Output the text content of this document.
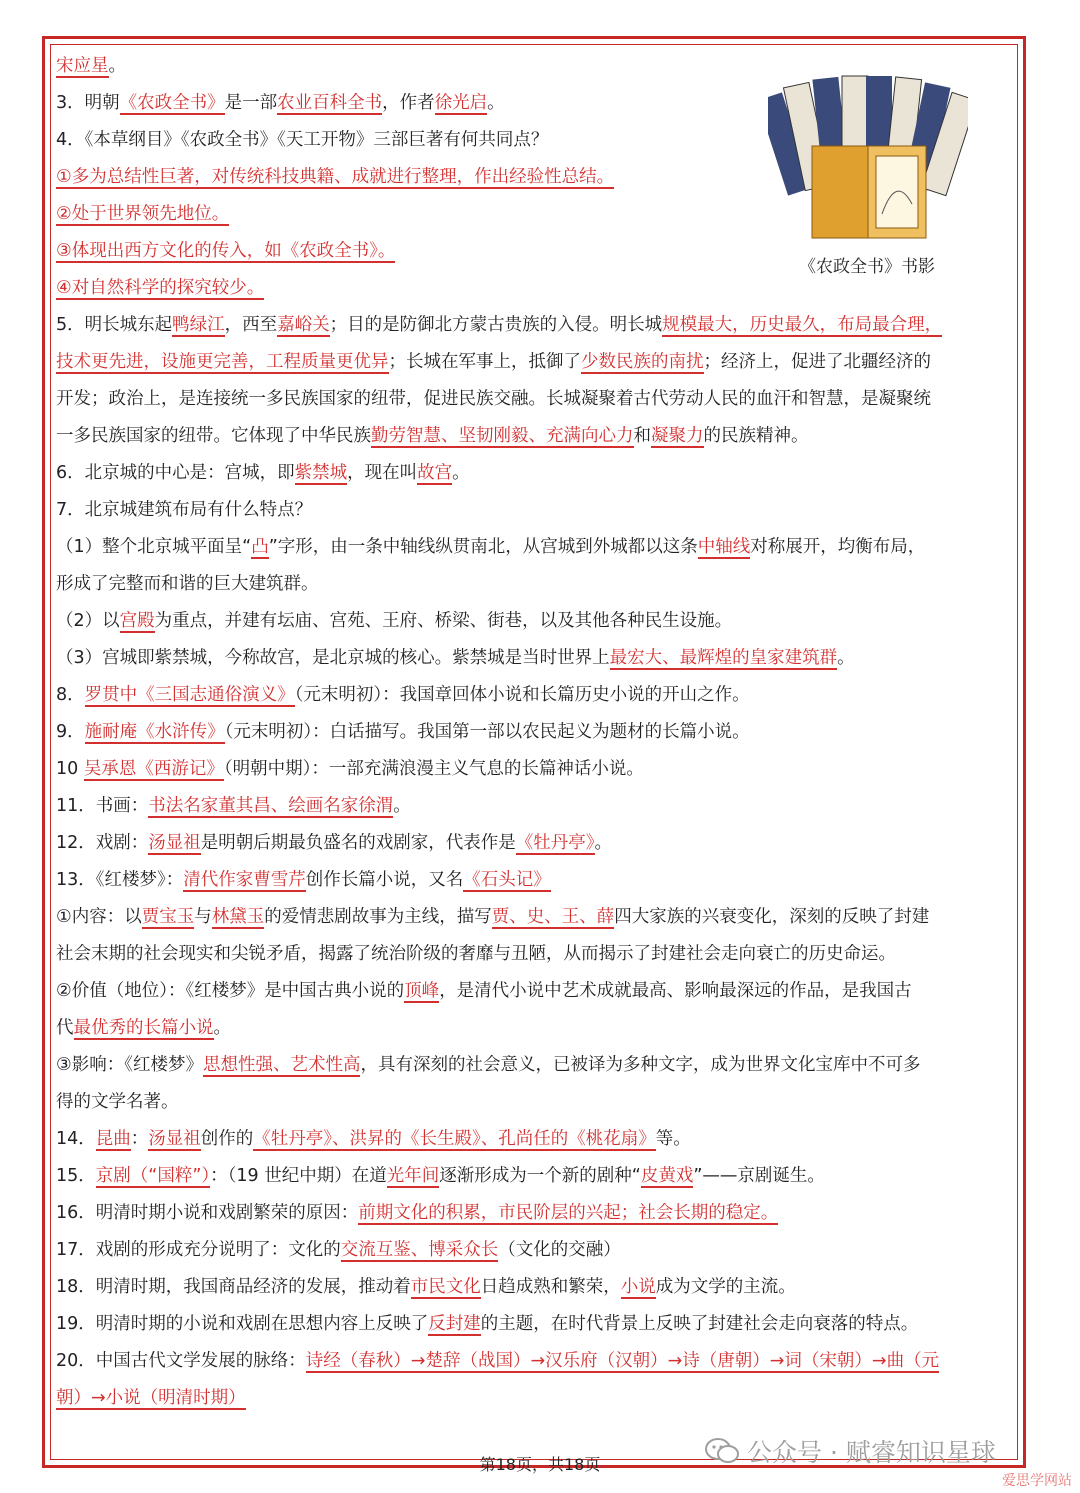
宋应星。
3．明朝《农政全书》是一部农业百科全书，作者徐光启。
4．《本草纲目》《农政全书》《天工开物》三部巨著有何共同点？
①多为总结性巨著，对传统科技典籍、成就进行整理，作出经验性总结。
②处于世界领先地位。
③体现出西方文化的传入，如《农政全书》。
④对自然科学的探究较少。
5．明长城东起鸭绿江，西至嘉峪关；目的是防御北方蒙古贵族的入侵。明长城规模最大，历史最久，布局最合理，
技术更先进，设施更完善，工程质量更优异；长城在军事上，抵御了少数民族的南扰；经济上，促进了北疆经济的
开发；政治上，是连接统一多民族国家的纽带，促进民族交融。长城凝聚着古代劳动人民的血汗和智慧，是凝聚统
一多民族国家的纽带。它体现了中华民族勤劳智慧、坚韧刚毅、充满向心力和凝聚力的民族精神。
6．北京城的中心是：宫城，即紫禁城，现在叫故宫。
7．北京城建筑布局有什么特点？
（1）整个北京城平面呈“凸”字形，由一条中轴线纵贯南北，从宫城到外城都以这条中轴线对称展开，均衡布局，
形成了完整而和谐的巨大建筑群。
（2）以宫殿为重点，并建有坛庙、宫苑、王府、桥梁、街巷，以及其他各种民生设施。
（3）宫城即紫禁城，今称故宫，是北京城的核心。紫禁城是当时世界上最宏大、最辉煌的皇家建筑群。
8．罗贯中《三国志通俗演义》（元末明初）：我国章回体小说和长篇历史小说的开山之作。
9．施耐庵《水浒传》（元末明初）：白话描写。我国第一部以农民起义为题材的长篇小说。
10 吴承恩《西游记》（明朝中期）：一部充满浪漫主义气息的长篇神话小说。
11．书画：书法名家董其昌、绘画名家徐渭。
12．戏剧：汤显祖是明朝后期最负盛名的戏剧家，代表作是《牡丹亭》。
13．《红楼梦》：清代作家曹雪芹创作长篇小说，又名《石头记》
①内容：以贾宝玉与林黛玉的爱情悲剧故事为主线，描写贾、史、王、薛四大家族的兴衰变化，深刻的反映了封建
社会末期的社会现实和尖锐矛盾，揭露了统治阶级的奢靡与丑陋，从而揭示了封建社会走向衰亡的历史命运。
②价值（地位）：《红楼梦》是中国古典小说的顶峰，是清代小说中艺术成就最高、影响最深远的作品，是我国古
代最优秀的长篇小说。
③影响：《红楼梦》思想性强、艺术性高，具有深刻的社会意义，已被译为多种文字，成为世界文化宝库中不可多
得的文学名著。
14．昆曲：汤显祖创作的《牡丹亭》、洪昇的《长生殿》、孔尚任的《桃花扇》等。
15．京剧（“国粹”）：（19 世纪中期）在道光年间逐渐形成为一个新的剧种“皮黄戏”——京剧诞生。
16．明清时期小说和戏剧繁荣的原因：前期文化的积累，市民阶层的兴起；社会长期的稳定。
17．戏剧的形成充分说明了：文化的交流互鉴、博采众长（文化的交融）
18．明清时期，我国商品经济的发展，推动着市民文化日趋成熟和繁荣，小说成为文学的主流。
19．明清时期的小说和戏剧在思想内容上反映了反封建的主题，在时代背景上反映了封建社会走向衰落的特点。
20．中国古代文学发展的脉络：诗经（春秋）→楚辞（战国）→汉乐府（汉朝）→诗（唐朝）→词（宋朝）→曲（元
朝）→小说（明清时期）
《农政全书》书影
公众号 · 赋睿知识星球
第18页，共18页
爱思学网站
